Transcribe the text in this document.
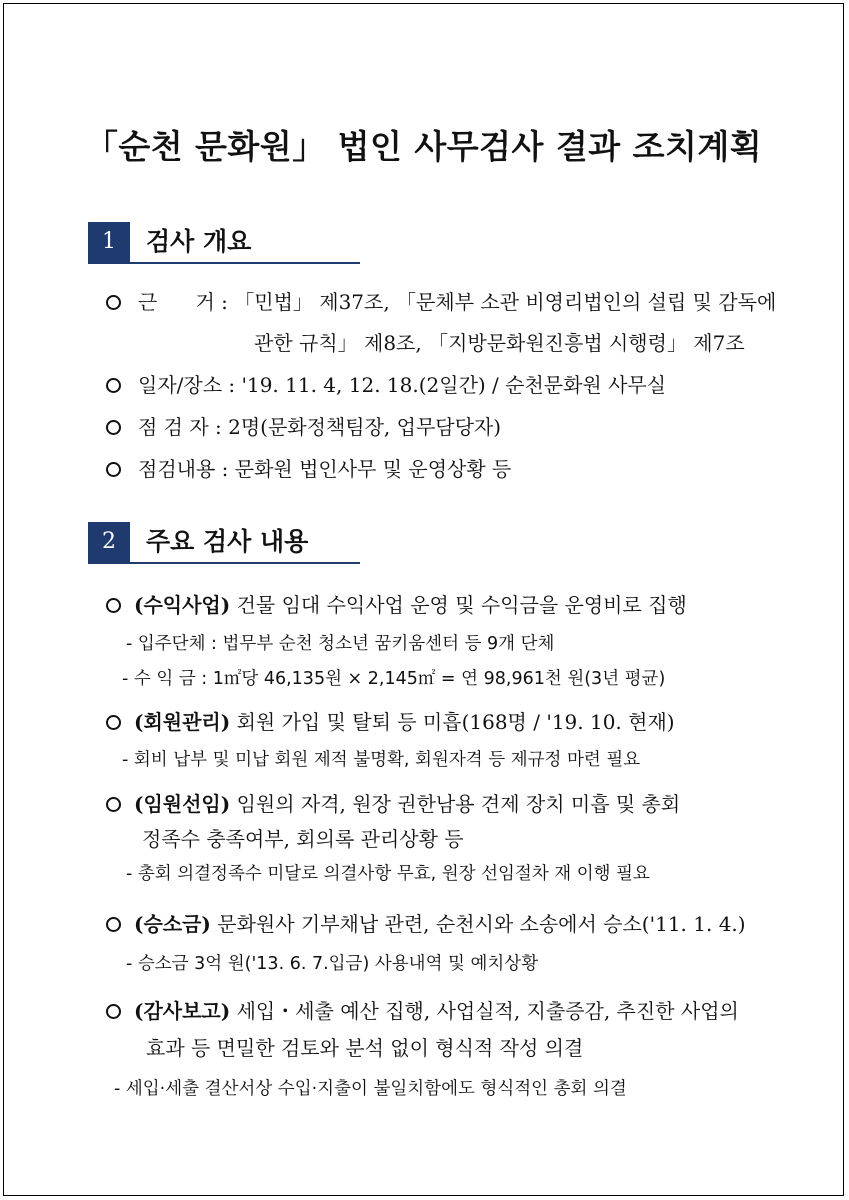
「순천 문화원」 법인 사무검사 결과 조치계획
1	검사 개요
근      거 : 「민법」 제37조, 「문체부 소관 비영리법인의 설립 및 감독에
관한 규칙」 제8조, 「지방문화원진흥법 시행령」 제7조
일자/장소 : '19. 11. 4, 12. 18.(2일간) / 순천문화원 사무실
점 검 자 : 2명(문화정책팀장, 업무담당자)
점검내용 : 문화원 법인사무 및 운영상황 등
2	주요 검사 내용
(수익사업) 건물 임대 수익사업 운영 및 수익금을 운영비로 집행
- 입주단체 : 법무부 순천 청소년 꿈키움센터 등 9개 단체
- 수 익 금 : 1㎡당 46,135원 × 2,145㎡ = 연 98,961천 원(3년 평균)
(회원관리) 회원 가입 및 탈퇴 등 미흡(168명 / '19. 10. 현재)
- 회비 납부 및 미납 회원 제적 불명확, 회원자격 등 제규정 마련 필요
(임원선임) 임원의 자격, 원장 권한남용 견제 장치 미흡 및 총회
정족수 충족여부, 회의록 관리상황 등
- 총회 의결정족수 미달로 의결사항 무효, 원장 선임절차 재 이행 필요
(승소금) 문화원사 기부채납 관련, 순천시와 소송에서 승소('11. 1. 4.)
- 승소금 3억 원('13. 6. 7.입금) 사용내역 및 예치상황
(감사보고) 세입・세출 예산 집행, 사업실적, 지출증감, 추진한 사업의
효과 등 면밀한 검토와 분석 없이 형식적 작성 의결
- 세입·세출 결산서상 수입·지출이 불일치함에도 형식적인 총회 의결
